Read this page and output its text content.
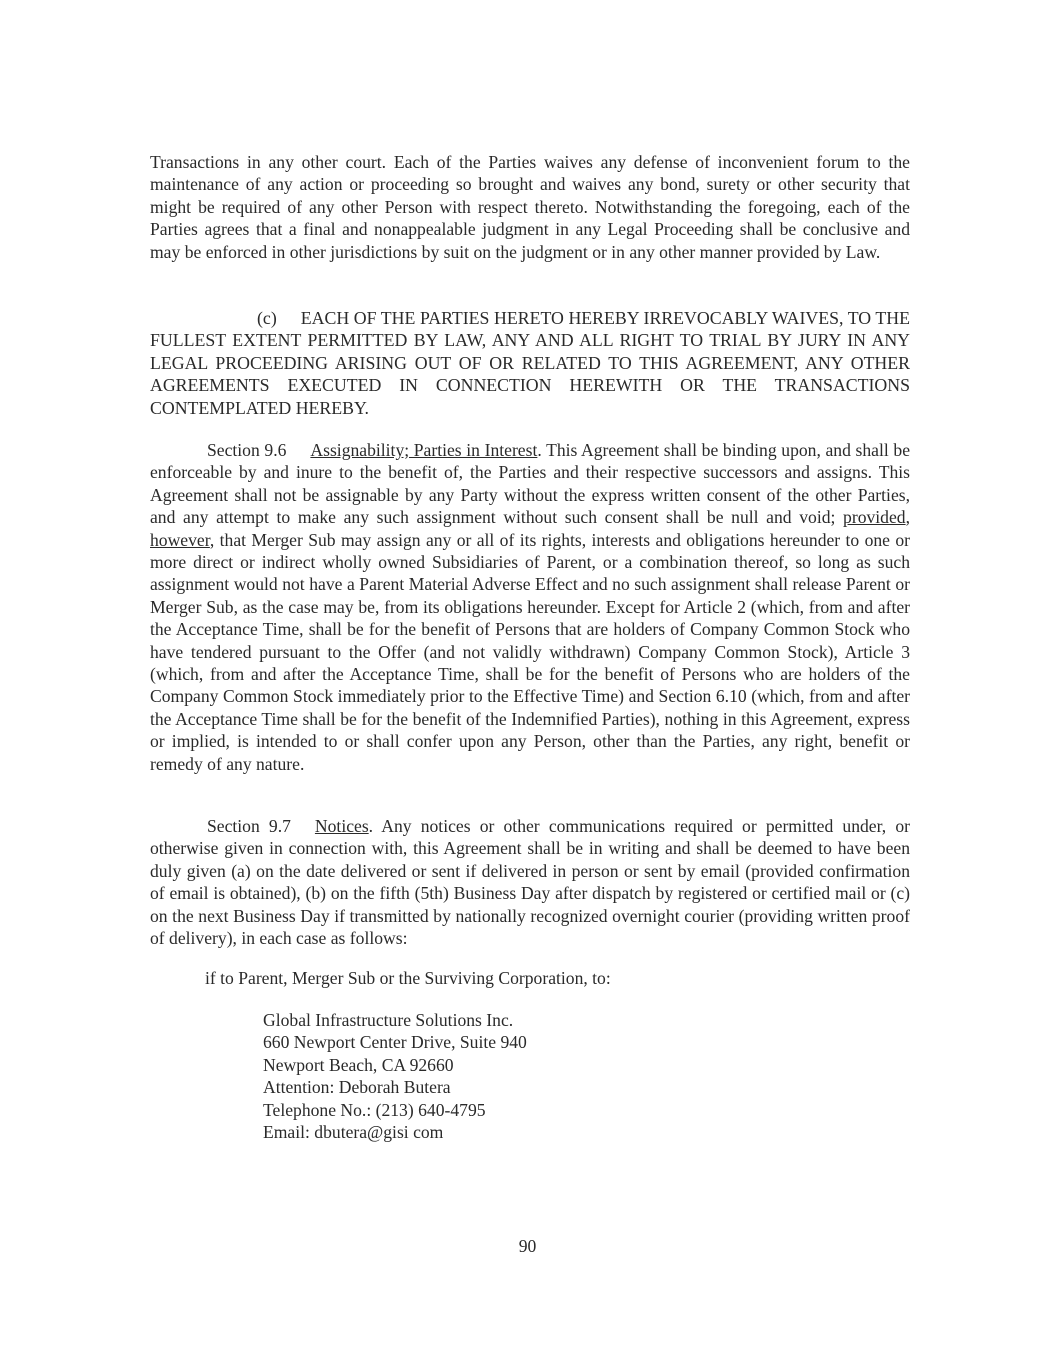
Transactions in any other court. Each of the Parties waives any defense of inconvenient forum to the maintenance of any action or proceeding so brought and waives any bond, surety or other security that might be required of any other Person with respect thereto. Notwithstanding the foregoing, each of the Parties agrees that a final and nonappealable judgment in any Legal Proceeding shall be conclusive and may be enforced in other jurisdictions by suit on the judgment or in any other manner provided by Law.

(c) EACH OF THE PARTIES HERETO HEREBY IRREVOCABLY WAIVES, TO THE FULLEST EXTENT PERMITTED BY LAW, ANY AND ALL RIGHT TO TRIAL BY JURY IN ANY LEGAL PROCEEDING ARISING OUT OF OR RELATED TO THIS AGREEMENT, ANY OTHER AGREEMENTS EXECUTED IN CONNECTION HEREWITH OR THE TRANSACTIONS CONTEMPLATED HEREBY.

Section 9.6 Assignability; Parties in Interest. This Agreement shall be binding upon, and shall be enforceable by and inure to the benefit of, the Parties and their respective successors and assigns. This Agreement shall not be assignable by any Party without the express written consent of the other Parties, and any attempt to make any such assignment without such consent shall be null and void; provided, however, that Merger Sub may assign any or all of its rights, interests and obligations hereunder to one or more direct or indirect wholly owned Subsidiaries of Parent, or a combination thereof, so long as such assignment would not have a Parent Material Adverse Effect and no such assignment shall release Parent or Merger Sub, as the case may be, from its obligations hereunder. Except for Article 2 (which, from and after the Acceptance Time, shall be for the benefit of Persons that are holders of Company Common Stock who have tendered pursuant to the Offer (and not validly withdrawn) Company Common Stock), Article 3 (which, from and after the Acceptance Time, shall be for the benefit of Persons who are holders of the Company Common Stock immediately prior to the Effective Time) and Section 6.10 (which, from and after the Acceptance Time shall be for the benefit of the Indemnified Parties), nothing in this Agreement, express or implied, is intended to or shall confer upon any Person, other than the Parties, any right, benefit or remedy of any nature.

Section 9.7 Notices. Any notices or other communications required or permitted under, or otherwise given in connection with, this Agreement shall be in writing and shall be deemed to have been duly given (a) on the date delivered or sent if delivered in person or sent by email (provided confirmation of email is obtained), (b) on the fifth (5th) Business Day after dispatch by registered or certified mail or (c) on the next Business Day if transmitted by nationally recognized overnight courier (providing written proof of delivery), in each case as follows:

if to Parent, Merger Sub or the Surviving Corporation, to:

Global Infrastructure Solutions Inc.
660 Newport Center Drive, Suite 940
Newport Beach, CA 92660
Attention: Deborah Butera
Telephone No.: (213) 640-4795
Email: dbutera@gisi com
90
